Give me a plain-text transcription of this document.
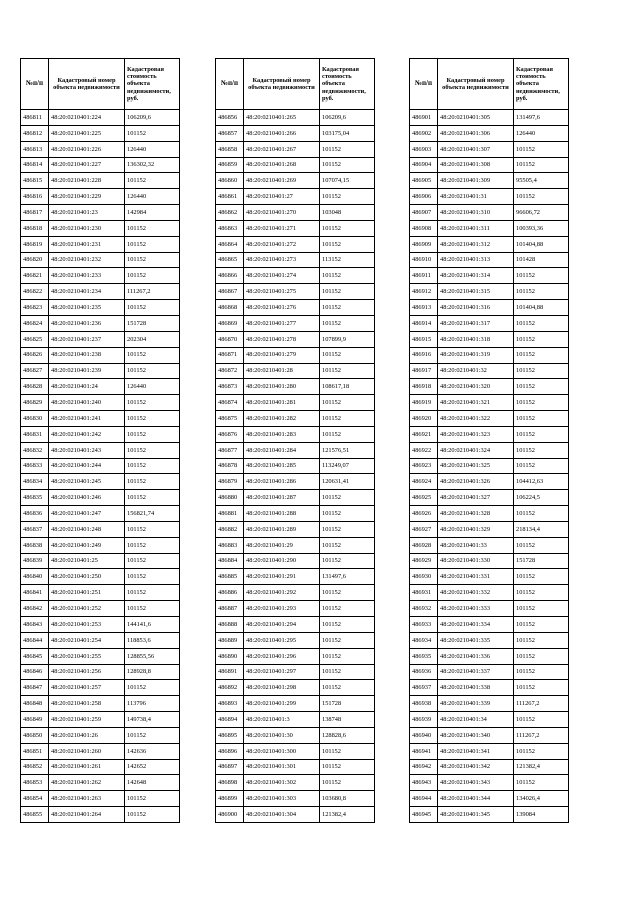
№п/п	Кадастровый номер объекта недвижимости	Кадастровая стоимость объекта недвижимости, руб.
486811	48:20:0210401:224	106209,6
486812	48:20:0210401:225	101152
486813	48:20:0210401:226	126440
486814	48:20:0210401:227	136302,32
486815	48:20:0210401:228	101152
486816	48:20:0210401:229	126440
486817	48:20:0210401:23	142984
486818	48:20:0210401:230	101152
486819	48:20:0210401:231	101152
486820	48:20:0210401:232	101152
486821	48:20:0210401:233	101152
486822	48:20:0210401:234	111267,2
486823	48:20:0210401:235	101152
486824	48:20:0210401:236	151728
486825	48:20:0210401:237	202304
486826	48:20:0210401:238	101152
486827	48:20:0210401:239	101152
486828	48:20:0210401:24	126440
486829	48:20:0210401:240	101152
486830	48:20:0210401:241	101152
486831	48:20:0210401:242	101152
486832	48:20:0210401:243	101152
486833	48:20:0210401:244	101152
486834	48:20:0210401:245	101152
486835	48:20:0210401:246	101152
486836	48:20:0210401:247	156821,74
486837	48:20:0210401:248	101152
486838	48:20:0210401:249	101152
486839	48:20:0210401:25	101152
486840	48:20:0210401:250	101152
486841	48:20:0210401:251	101152
486842	48:20:0210401:252	101152
486843	48:20:0210401:253	144141,6
486844	48:20:0210401:254	118853,6
486845	48:20:0210401:255	128855,56
486846	48:20:0210401:256	128928,8
486847	48:20:0210401:257	101152
486848	48:20:0210401:258	113796
486849	48:20:0210401:259	149738,4
486850	48:20:0210401:26	101152
486851	48:20:0210401:260	142636
486852	48:20:0210401:261	142652
486853	48:20:0210401:262	142648
486854	48:20:0210401:263	101152
486855	48:20:0210401:264	101152
№п/п	Кадастровый номер объекта недвижимости	Кадастровая стоимость объекта недвижимости, руб.
486856	48:20:0210401:265	106209,6
486857	48:20:0210401:266	103175,04
486858	48:20:0210401:267	101152
486859	48:20:0210401:268	101152
486860	48:20:0210401:269	107074,15
486861	48:20:0210401:27	101152
486862	48:20:0210401:270	103048
486863	48:20:0210401:271	101152
486864	48:20:0210401:272	101152
486865	48:20:0210401:273	113152
486866	48:20:0210401:274	101152
486867	48:20:0210401:275	101152
486868	48:20:0210401:276	101152
486869	48:20:0210401:277	101152
486870	48:20:0210401:278	107899,9
486871	48:20:0210401:279	101152
486872	48:20:0210401:28	101152
486873	48:20:0210401:280	108617,18
486874	48:20:0210401:281	101152
486875	48:20:0210401:282	101152
486876	48:20:0210401:283	101152
486877	48:20:0210401:284	121576,51
486878	48:20:0210401:285	113249,07
486879	48:20:0210401:286	120631,41
486880	48:20:0210401:287	101152
486881	48:20:0210401:288	101152
486882	48:20:0210401:289	101152
486883	48:20:0210401:29	101152
486884	48:20:0210401:290	101152
486885	48:20:0210401:291	131497,6
486886	48:20:0210401:292	101152
486887	48:20:0210401:293	101152
486888	48:20:0210401:294	101152
486889	48:20:0210401:295	101152
486890	48:20:0210401:296	101152
486891	48:20:0210401:297	101152
486892	48:20:0210401:298	101152
486893	48:20:0210401:299	151728
486894	48:20:0210401:3	138748
486895	48:20:0210401:30	128828,6
486896	48:20:0210401:300	101152
486897	48:20:0210401:301	101152
486898	48:20:0210401:302	101152
486899	48:20:0210401:303	103680,8
486900	48:20:0210401:304	121382,4
№п/п	Кадастровый номер объекта недвижимости	Кадастровая стоимость объекта недвижимости, руб.
486901	48:20:0210401:305	131497,6
486902	48:20:0210401:306	126440
486903	48:20:0210401:307	101152
486904	48:20:0210401:308	101152
486905	48:20:0210401:309	95505,4
486906	48:20:0210401:31	101152
486907	48:20:0210401:310	96606,72
486908	48:20:0210401:311	100393,36
486909	48:20:0210401:312	101404,88
486910	48:20:0210401:313	101428
486911	48:20:0210401:314	101152
486912	48:20:0210401:315	101152
486913	48:20:0210401:316	101404,88
486914	48:20:0210401:317	101152
486915	48:20:0210401:318	101152
486916	48:20:0210401:319	101152
486917	48:20:0210401:32	101152
486918	48:20:0210401:320	101152
486919	48:20:0210401:321	101152
486920	48:20:0210401:322	101152
486921	48:20:0210401:323	101152
486922	48:20:0210401:324	101152
486923	48:20:0210401:325	101152
486924	48:20:0210401:326	104412,63
486925	48:20:0210401:327	106224,5
486926	48:20:0210401:328	101152
486927	48:20:0210401:329	218134,4
486928	48:20:0210401:33	101152
486929	48:20:0210401:330	151728
486930	48:20:0210401:331	101152
486931	48:20:0210401:332	101152
486932	48:20:0210401:333	101152
486933	48:20:0210401:334	101152
486934	48:20:0210401:335	101152
486935	48:20:0210401:336	101152
486936	48:20:0210401:337	101152
486937	48:20:0210401:338	101152
486938	48:20:0210401:339	111267,2
486939	48:20:0210401:34	101152
486940	48:20:0210401:340	111267,2
486941	48:20:0210401:341	101152
486942	48:20:0210401:342	121382,4
486943	48:20:0210401:343	101152
486944	48:20:0210401:344	134026,4
486945	48:20:0210401:345	139084
